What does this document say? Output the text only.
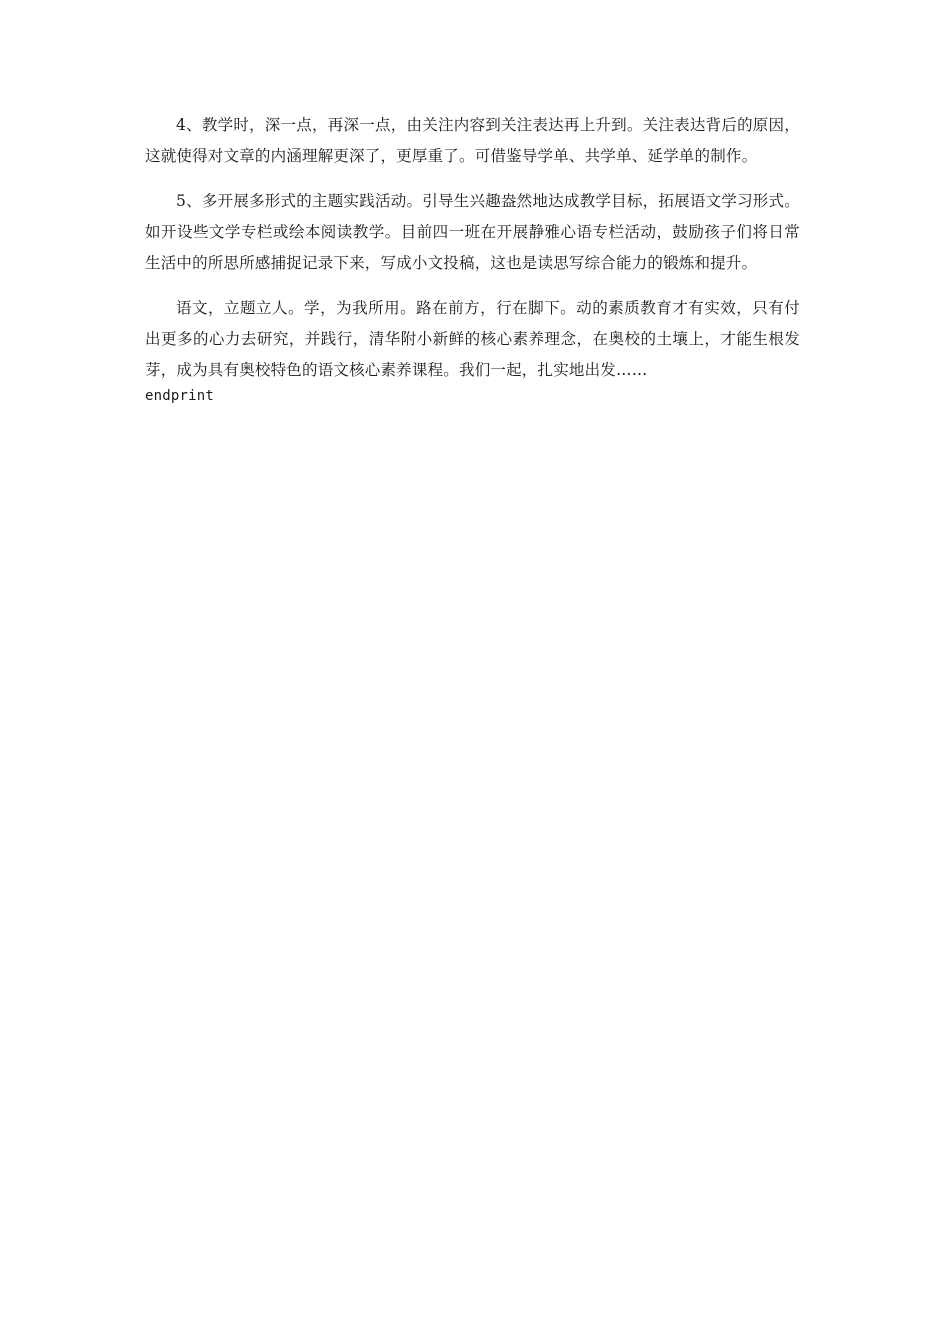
4、教学时，深一点，再深一点，由关注内容到关注表达再上升到。关注表达背后的原因，这就使得对文章的内涵理解更深了，更厚重了。可借鉴导学单、共学单、延学单的制作。

5、多开展多形式的主题实践活动。引导生兴趣盎然地达成教学目标，拓展语文学习形式。如开设些文学专栏或绘本阅读教学。目前四一班在开展静雅心语专栏活动，鼓励孩子们将日常生活中的所思所感捕捉记录下来，写成小文投稿，这也是读思写综合能力的锻炼和提升。

语文，立题立人。学，为我所用。路在前方，行在脚下。动的素质教育才有实效，只有付出更多的心力去研究，并践行，清华附小新鲜的核心素养理念，在奥校的土壤上，才能生根发芽，成为具有奥校特色的语文核心素养课程。我们一起，扎实地出发……

endprint
